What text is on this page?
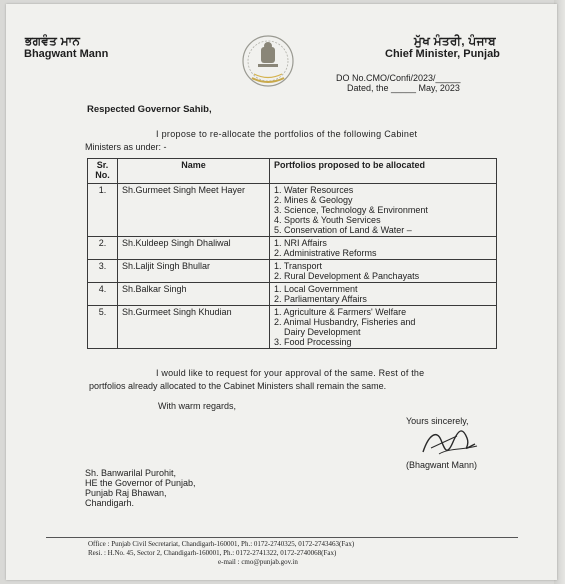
ਭਗਵੰਤ ਮਾਨ
Bhagwant Mann
ਮੁੱਖ ਮੰਤਰੀ, ਪੰਜਾਬ
Chief Minister, Punjab
DO No.CMO/Confi/2023/_____
Dated, the _____ May, 2023
Respected Governor Sahib,
I propose to re-allocate the portfolios of the following Cabinet
Ministers as under: -
Sr. No.	Name	Portfolios proposed to be allocated
1.	Sh.Gurmeet Singh Meet Hayer	1. Water Resources
2. Mines & Geology
3. Science, Technology & Environment
4. Sports & Youth Services
5. Conservation of Land & Water –

2.	Sh.Kuldeep Singh Dhaliwal	1. NRI Affairs
2. Administrative Reforms

3.	Sh.Laljit Singh Bhullar	1. Transport
2. Rural Development & Panchayats

4.	Sh.Balkar Singh	1. Local Government
2. Parliamentary Affairs

5.	Sh.Gurmeet Singh Khudian	1. Agriculture & Farmers' Welfare
2. Animal Husbandry, Fisheries and
Dairy Development
3. Food Processing
I would like to request for your approval of the same. Rest of the
portfolios already allocated to the Cabinet Ministers shall remain the same.
With warm regards,
Yours sincerely,
(Bhagwant Mann)
Sh. Banwarilal Purohit,
HE the Governor of Punjab,
Punjab Raj Bhawan,
Chandigarh.
Office : Punjab Civil Secretariat, Chandigarh-160001, Ph.: 0172-2740325, 0172-2743463(Fax)
Resi. : H.No. 45, Sector 2, Chandigarh-160001, Ph.: 0172-2741322, 0172-2740068(Fax)
e-mail : cmo@punjab.gov.in
